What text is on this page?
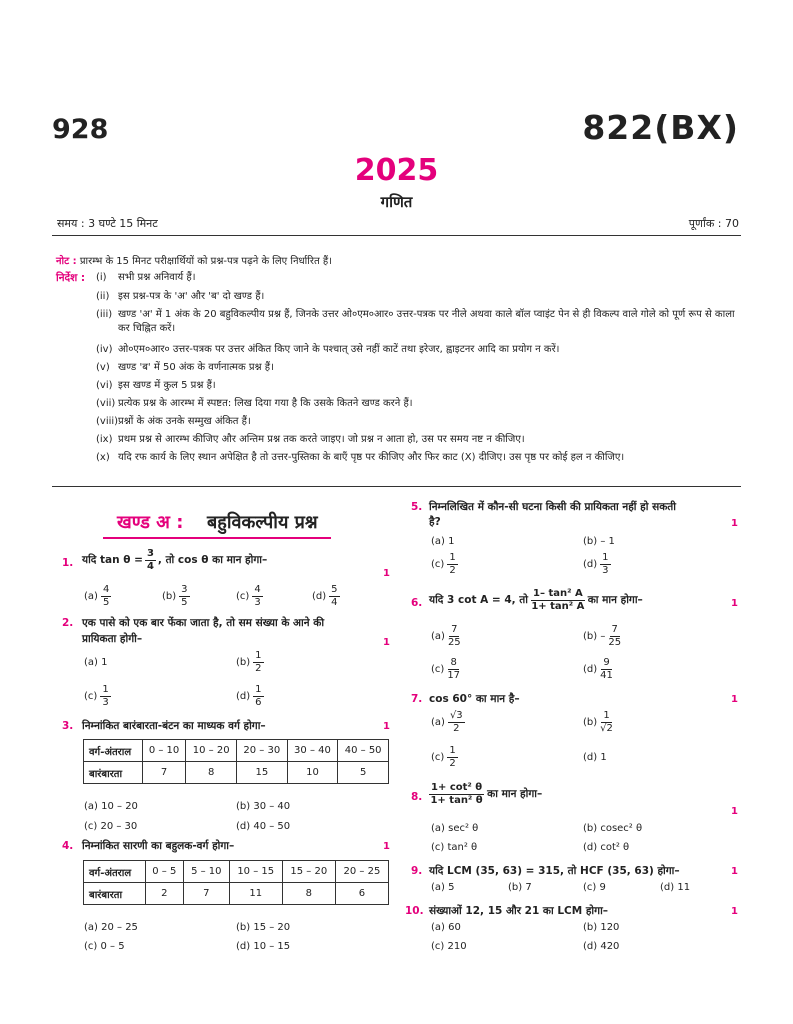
928	822(BX)
2025
गणित
समय : 3 घण्टे 15 मिनट	पूर्णांक : 70
नोट : प्रारम्भ के 15 मिनट परीक्षार्थियों को प्रश्न-पत्र पढ़ने के लिए निर्धारित हैं।
निर्देश : (i)	सभी प्रश्न अनिवार्य हैं।
(ii) इस प्रश्न-पत्र के 'अ' और 'ब' दो खण्ड हैं।
(iii) खण्ड 'अ' में 1 अंक के 20 बहुविकल्पीय प्रश्न हैं, जिनके उत्तर ओ०एम०आर० उत्तर-पत्रक पर नीले अथवा काले बॉल प्वाइंट पेन से ही विकल्प वाले गोले को पूर्ण रूप से काला कर चिह्नित करें।
(iv) ओ०एम०आर० उत्तर-पत्रक पर उत्तर अंकित किए जाने के पश्चात् उसे नहीं काटें तथा इरेजर, ह्वाइटनर आदि का प्रयोग न करें।
(v) खण्ड 'ब' में 50 अंक के वर्णनात्मक प्रश्न हैं।
(vi) इस खण्ड में कुल 5 प्रश्न हैं।
(vii) प्रत्येक प्रश्न के आरम्भ में स्पष्टत: लिख दिया गया है कि उसके कितने खण्ड करने हैं।
(viii) प्रश्नों के अंक उनके सम्मुख अंकित हैं।
(ix) प्रथम प्रश्न से आरम्भ कीजिए और अन्तिम प्रश्न तक करते जाइए। जो प्रश्न न आता हो, उस पर समय नष्ट न कीजिए।
(x) यदि रफ कार्य के लिए स्थान अपेक्षित है तो उत्तर-पुस्तिका के बाएँ पृष्ठ पर कीजिए और फिर काट (X) दीजिए। उस पृष्ठ पर कोई हल न कीजिए।
खण्ड अ : बहुविकल्पीय प्रश्न
1. यदि $\tan \theta = \frac{3}{4}$ , तो cos θ का मान होगा–
1
$(a) \frac{4}{5}$	$(b) \frac{3}{5}$	$(c) \frac{4}{3}$	$(d) \frac{5}{4}$
2. एक पासे को एक बार फेंका जाता है, तो सम संख्या के आने की
प्रायिकता होगी–	1
(a) 1	$(b) \frac{1}{2}$
$(c) \frac{1}{3}$	$(d) \frac{1}{6}$
3. निम्नांकित बारंबारता-बंटन का माध्यक वर्ग होगा–	1
वर्ग-अंतराल	0 – 10	10 – 20	20 – 30	30 – 40	40 – 50
बारंबारता	7	8	15	10	5
(a) 10 – 20	(b) 30 – 40
(c) 20 – 30	(d) 40 – 50
4. निम्नांकित सारणी का बहुलक-वर्ग होगा–	1
वर्ग-अंतराल	0 – 5	5 – 10	10 – 15	15 – 20	20 – 25
बारंबारता	2	7	11	8	6
(a) 20 – 25	(b) 15 – 20
(c) 0 – 5	(d) 10 – 15
5. निम्नलिखित में कौन-सी घटना किसी की प्रायिकता नहीं हो सकती
है?	1
(a) 1	(b) – 1
$(c) \frac{1}{2}$	$(d) \frac{1}{3}$
6. यदि 3 cot A = 4, तो $\frac{\text{1– tan² A}}{\text{1+ tan² A}}$ का मान होगा–	1
$(a) \frac{7}{25}$	$(b) - \frac{7}{25}$
$(c) \frac{8}{17}$	$(d) \frac{9}{41}$
7. cos 60° का मान है–	1
$(a) \frac{√3}{2}$	$(b) \frac{1}{√2}$
$(c) \frac{1}{2}$	(d) 1
8. $\frac{\text{1+ cot² θ}}{\text{1+ tan² θ}}$ का मान होगा–
1
(a) sec² θ	(b) cosec² θ
(c) tan² θ	(d) cot² θ
9. यदि LCM (35, 63) = 315, तो HCF (35, 63) होगा–	1
(a) 5	(b) 7	(c) 9	(d) 11
10. संख्याओं 12, 15 और 21 का LCM होगा–	1
(a) 60	(b) 120
(c) 210	(d) 420
